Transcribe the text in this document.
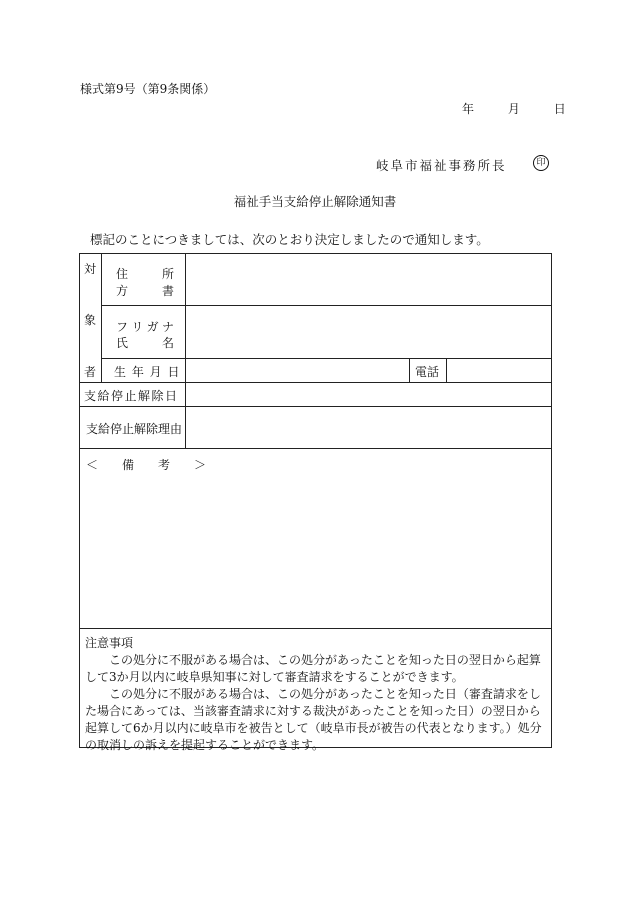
様式第9号（第9条関係）
年	月	日
岐阜市福祉事務所長	印
福祉手当支給停止解除通知書
標記のことにつきましては、次のとおり決定しましたので通知します。
対
象
者
住	所
方	書
フ リ ガ ナ
氏	名
生 年 月 日	電話
支給停止解除日
支給停止解除理由
＜　　備　　考　　＞

注意事項

この処分に不服がある場合は、この処分があったことを知った日の翌日から起算して3か月以内に岐阜県知事に対して審査請求をすることができます。

この処分に不服がある場合は、この処分があったことを知った日（審査請求をした場合にあっては、当該審査請求に対する裁決があったことを知った日）の翌日から起算して6か月以内に岐阜市を被告として（岐阜市長が被告の代表となります。）処分の取消しの訴えを提起することができます。
